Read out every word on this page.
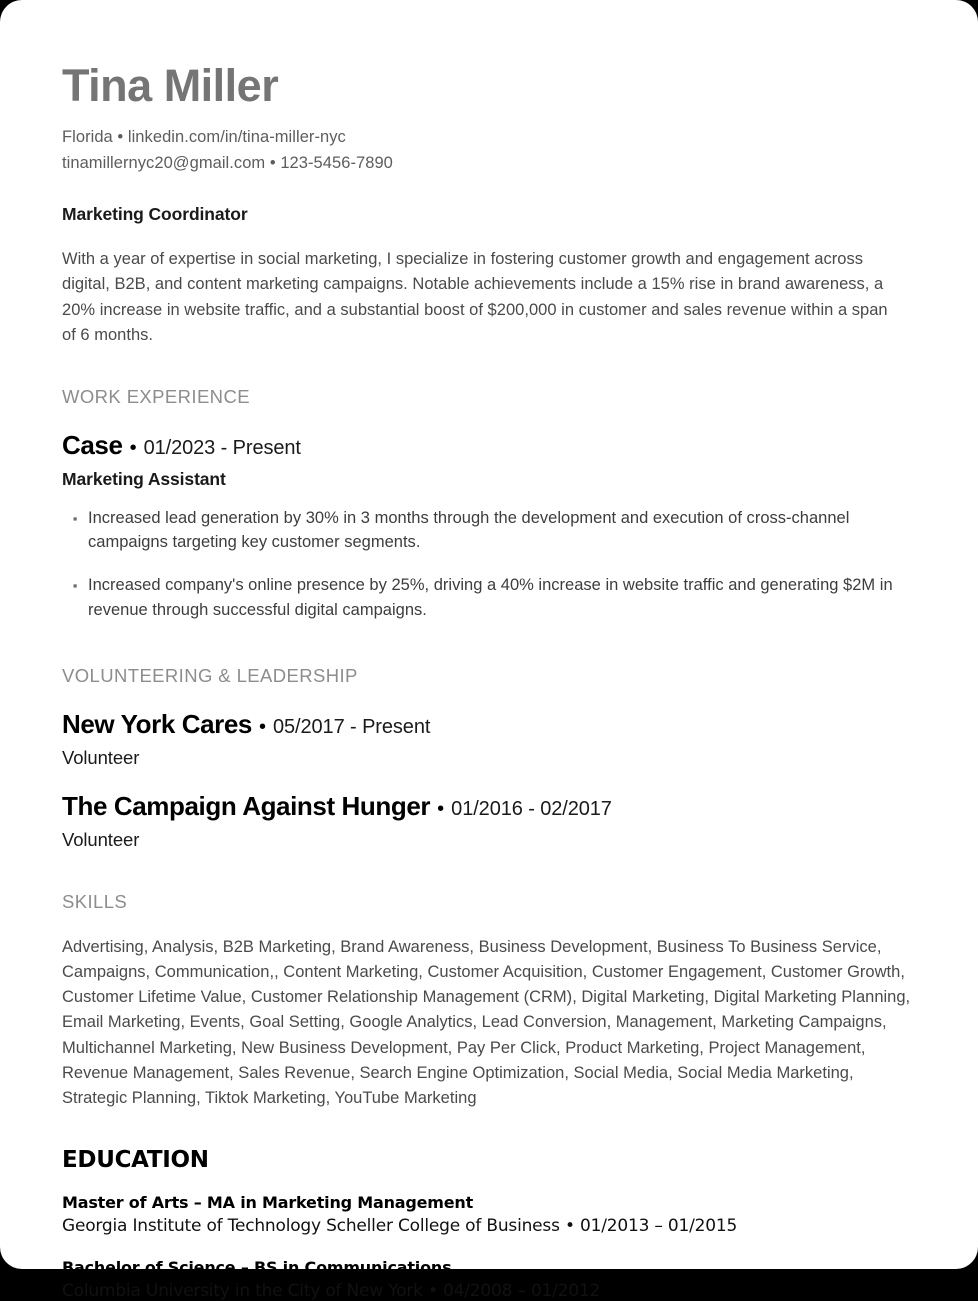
Tina Miller
Florida • linkedin.com/in/tina-miller-nyc
tinamillernyc20@gmail.com • 123-5456-7890
Marketing Coordinator
With a year of expertise in social marketing, I specialize in fostering customer growth and engagement across digital, B2B, and content marketing campaigns. Notable achievements include a 15% rise in brand awareness, a 20% increase in website traffic, and a substantial boost of $200,000 in customer and sales revenue within a span of 6 months.
WORK EXPERIENCE
Case • 01/2023 - Present
Marketing Assistant
▪ Increased lead generation by 30% in 3 months through the development and execution of cross-channel campaigns targeting key customer segments.
▪ Increased company's online presence by 25%, driving a 40% increase in website traffic and generating $2M in revenue through successful digital campaigns.
VOLUNTEERING & LEADERSHIP
New York Cares • 05/2017 - Present
Volunteer
The Campaign Against Hunger • 01/2016 - 02/2017
Volunteer
SKILLS
Advertising, Analysis, B2B Marketing, Brand Awareness, Business Development, Business To Business Service, Campaigns, Communication,, Content Marketing, Customer Acquisition, Customer Engagement, Customer Growth, Customer Lifetime Value, Customer Relationship Management (CRM), Digital Marketing, Digital Marketing Planning, Email Marketing, Events, Goal Setting, Google Analytics, Lead Conversion, Management, Marketing Campaigns, Multichannel Marketing, New Business Development, Pay Per Click, Product Marketing, Project Management, Revenue Management, Sales Revenue, Search Engine Optimization, Social Media, Social Media Marketing, Strategic Planning, Tiktok Marketing, YouTube Marketing
EDUCATION
Master of Arts – MA in Marketing Management
Georgia Institute of Technology Scheller College of Business • 01/2013 – 01/2015
Bachelor of Science – BS in Communications
Columbia University in the City of New York • 04/2008 – 01/2012
